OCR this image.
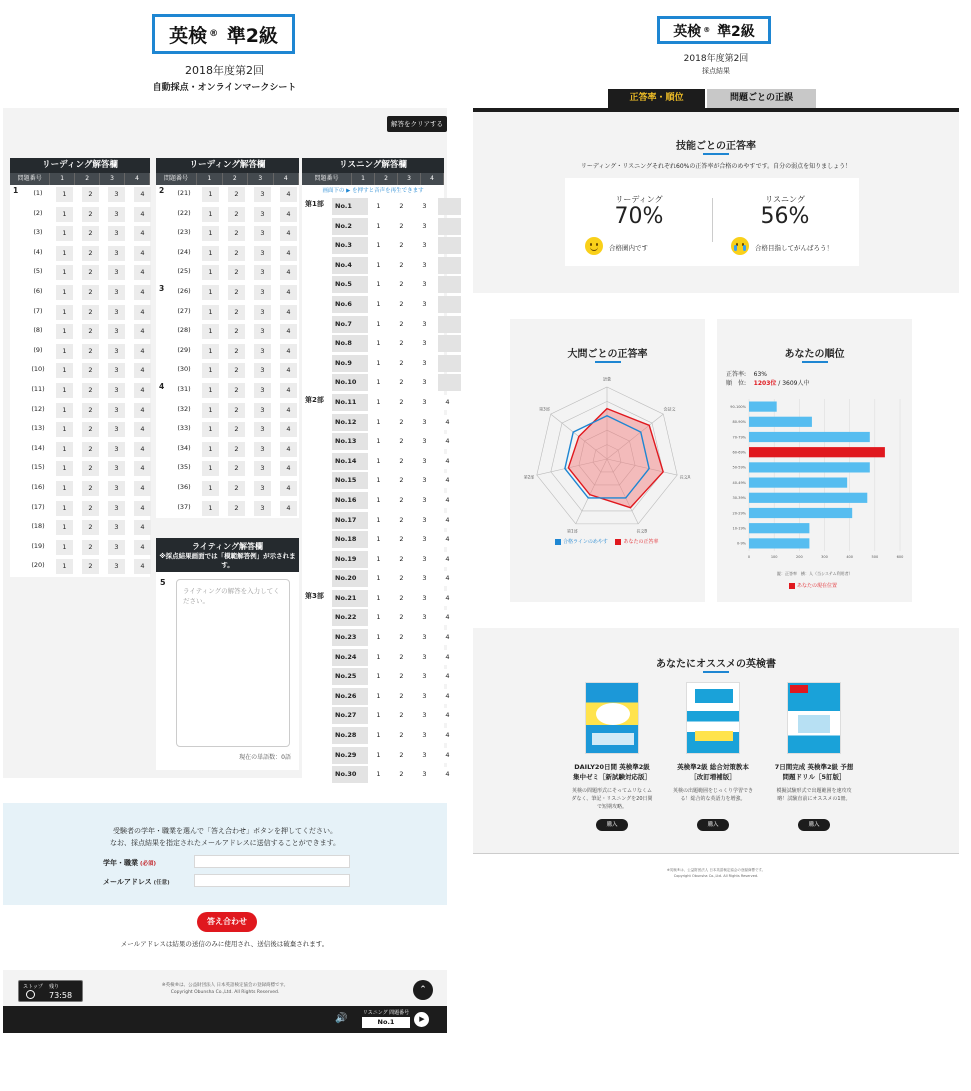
英検 ® 準2級
2018年度第2回
自動採点・オンラインマークシート
解答をクリアする
リーディング解答欄
問題番号	1	2	3	4
1	(1)	1	2	3	4
(2)	1	2	3	4
(3)	1	2	3	4
(4)	1	2	3	4
(5)	1	2	3	4
(6)	1	2	3	4
(7)	1	2	3	4
(8)	1	2	3	4
(9)	1	2	3	4
(10)	1	2	3	4
(11)	1	2	3	4
(12)	1	2	3	4
(13)	1	2	3	4
(14)	1	2	3	4
(15)	1	2	3	4
(16)	1	2	3	4
(17)	1	2	3	4
(18)	1	2	3	4
(19)	1	2	3	4
(20)	1	2	3	4
リーディング解答欄
問題番号	1	2	3	4
2	(21)	1	2	3	4
(22)	1	2	3	4
(23)	1	2	3	4
(24)	1	2	3	4
(25)	1	2	3	4
3	(26)	1	2	3	4
(27)	1	2	3	4
(28)	1	2	3	4
(29)	1	2	3	4
(30)	1	2	3	4
4	(31)	1	2	3	4
(32)	1	2	3	4
(33)	1	2	3	4
(34)	1	2	3	4
(35)	1	2	3	4
(36)	1	2	3	4
(37)	1	2	3	4
リスニング解答欄
問題番号	1	2	3	4
画面下の ▶ を押すと音声を再生できます
第1部	No.1	1	2	3
No.2	1	2	3
No.3	1	2	3
No.4	1	2	3
No.5	1	2	3
No.6	1	2	3
No.7	1	2	3
No.8	1	2	3
No.9	1	2	3
No.10	1	2	3
第2部	No.11	1	2	3	4
No.12	1	2	3	4
No.13	1	2	3	4
No.14	1	2	3	4
No.15	1	2	3	4
No.16	1	2	3	4
No.17	1	2	3	4
No.18	1	2	3	4
No.19	1	2	3	4
No.20	1	2	3	4
第3部	No.21	1	2	3	4
No.22	1	2	3	4
No.23	1	2	3	4
No.24	1	2	3	4
No.25	1	2	3	4
No.26	1	2	3	4
No.27	1	2	3	4
No.28	1	2	3	4
No.29	1	2	3	4
No.30	1	2	3	4
ライティング解答欄
※採点結果画面では「模範解答例」が示されます。
5
ライティングの解答を入力してください。
現在の単語数：0語
受験者の学年・職業を選んで「答え合わせ」ボタンを押してください。
なお、採点結果を指定されたメールアドレスに送信することができます。
学年・職業 (必須)
メールアドレス (任意)
答え合わせ
メールアドレスは結果の送信のみに使用され、送信後は破棄されます。
※英検®は、公益財団法人 日本英語検定協会の登録商標です。
Copyright Obunsha Co.,Ltd. All Rights Reserved.
ストップ 残り
73:58
⌃
🔊	リスニング 問題番号
No.1	▶
英検 ® 準2級
2018年度第2回
採点結果
正答率・順位	問題ごとの正誤
技能ごとの正答率
リーディング・リスニングそれぞれ60%の正答率が合格のめやすです。自分の弱点を知りましょう！
リーディング
70%
合格圏内です
リスニング
56%
合格目指してがんばろう！
大問ごとの正答率
語彙
会話文
長文A
長文B
第1部
第2部
第3部
合格ラインのめやす	あなたの正答率
あなたの順位
正答率: 63%
順　位: 1203位 / 3609人中
0	100	200	300	400	500	600
90-100%
80-90%
70-79%
60-69%
50-59%
40-49%
30-39%
20-29%
10-19%
0-9%
縦：正答率　横：人（当システム利用者）
あなたの現在位置
あなたにオススメの英検書
DAILY20日間 英検準2級 集中ゼミ［新試験対応版］
英検の問題形式にそってムリなくムダなく、筆記・リスニングを20日間で短期攻略。
購入
英検準2級 総合対策教本［改訂増補版］
英検の出題範囲をじっくり学習できる！総合的な英語力を増強。
購入
7日間完成 英検準2級 予想問題ドリル［5訂版］
模擬試験形式で出題範囲を速攻攻略！試験直前にオススメの1冊。
購入
※英検®は、公益財団法人 日本英語検定協会の登録商標です。
Copyright Obunsha Co.,Ltd. All Rights Reserved.
